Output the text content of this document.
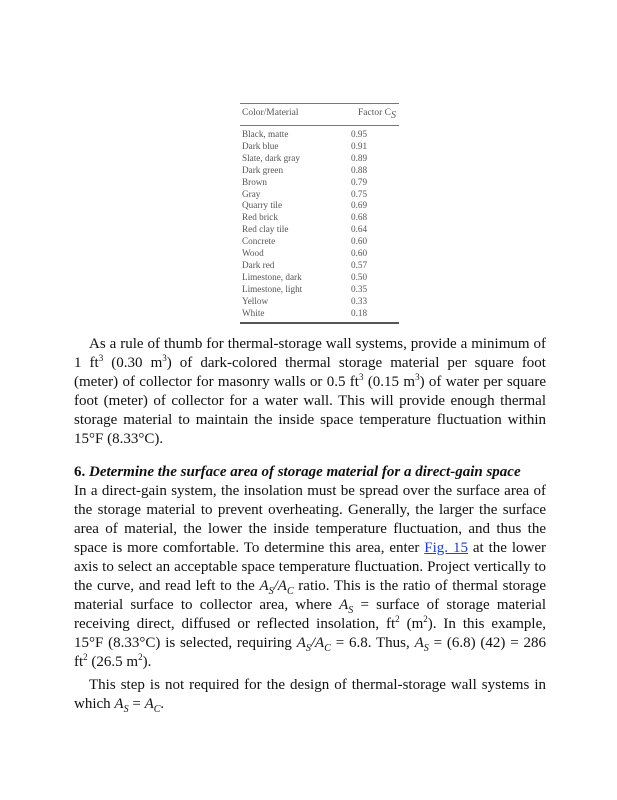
Color/Material	Factor $C_S$
Black, matte	0.95
Dark blue	0.91
Slate, dark gray	0.89
Dark green	0.88
Brown	0.79
Gray	0.75
Quarry tile	0.69
Red brick	0.68
Red clay tile	0.64
Concrete	0.60
Wood	0.60
Dark red	0.57
Limestone, dark	0.50
Limestone, light	0.35
Yellow	0.33
White	0.18

As a rule of thumb for thermal-storage wall systems, provide a minimum of 1 $ft^3$ (0.30 $m^3$) of dark-colored thermal storage material per square foot (meter) of collector for masonry walls or 0.5 $ft^3$ (0.15 $m^3$) of water per square foot (meter) of collector for a water wall. This will provide enough thermal storage material to maintain the inside space temperature fluctuation within 15°F (8.33°C).

6. Determine the surface area of storage material for a direct-gain space

In a direct-gain system, the insolation must be spread over the surface area of the storage material to prevent overheating. Generally, the larger the surface area of material, the lower the inside temperature fluctuation, and thus the space is more comfortable. To determine this area, enter Fig. 15 at the lower axis to select an acceptable space temperature fluctuation. Project vertically to the curve, and read left to the $A_S/A_C$ ratio. This is the ratio of thermal storage material surface to collector area, where $A_S$ = surface of storage material receiving direct, diffused or reflected insolation, $ft^2$ $(m^2)$. In this example, 15°F (8.33°C) is selected, requiring $A_S/A_C = 6.8$. Thus, $A_S = (6.8) (42) = 286$ $ft^2$ (26.5 $m^2$).

This step is not required for the design of thermal-storage wall systems in which $A_S = A_C$.
